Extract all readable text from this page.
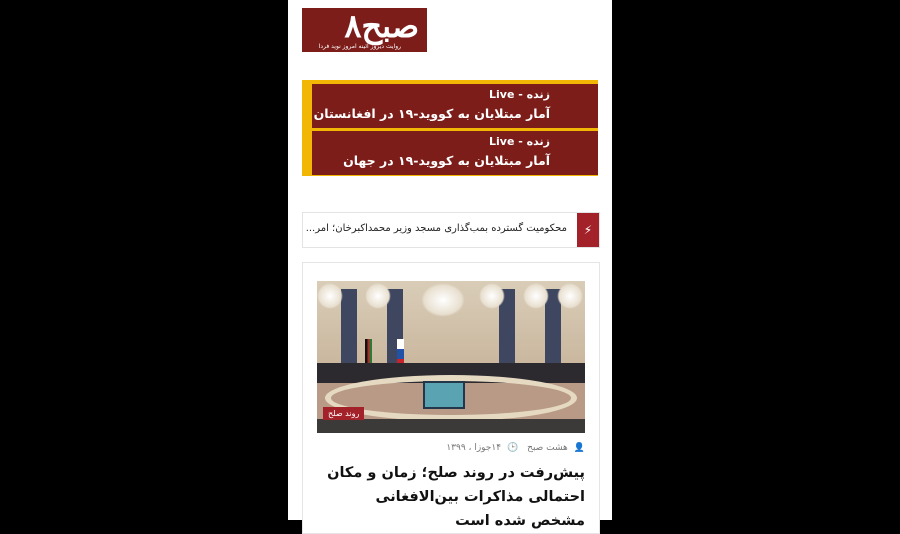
۸صبح
روایت دیروز آئینه امروز نوید فردا
زنده - Live
آمار مبتلایان به کووید-۱۹ در افغانستان
زنده - Live
آمار مبتلایان به کووید-۱۹ در جهان
⚡
محکومیت گسترده بمب‌گذاری مسجد وزیر محمداکبرخان؛ امر...
روند صلح
👤هشت صبح 🕒۱۴جوزا ، ۱۳۹۹
پیش‌رفت در روند صلح؛ زمان و مکان احتمالی مذاکرات بین‌الافغانی مشخص شده است
